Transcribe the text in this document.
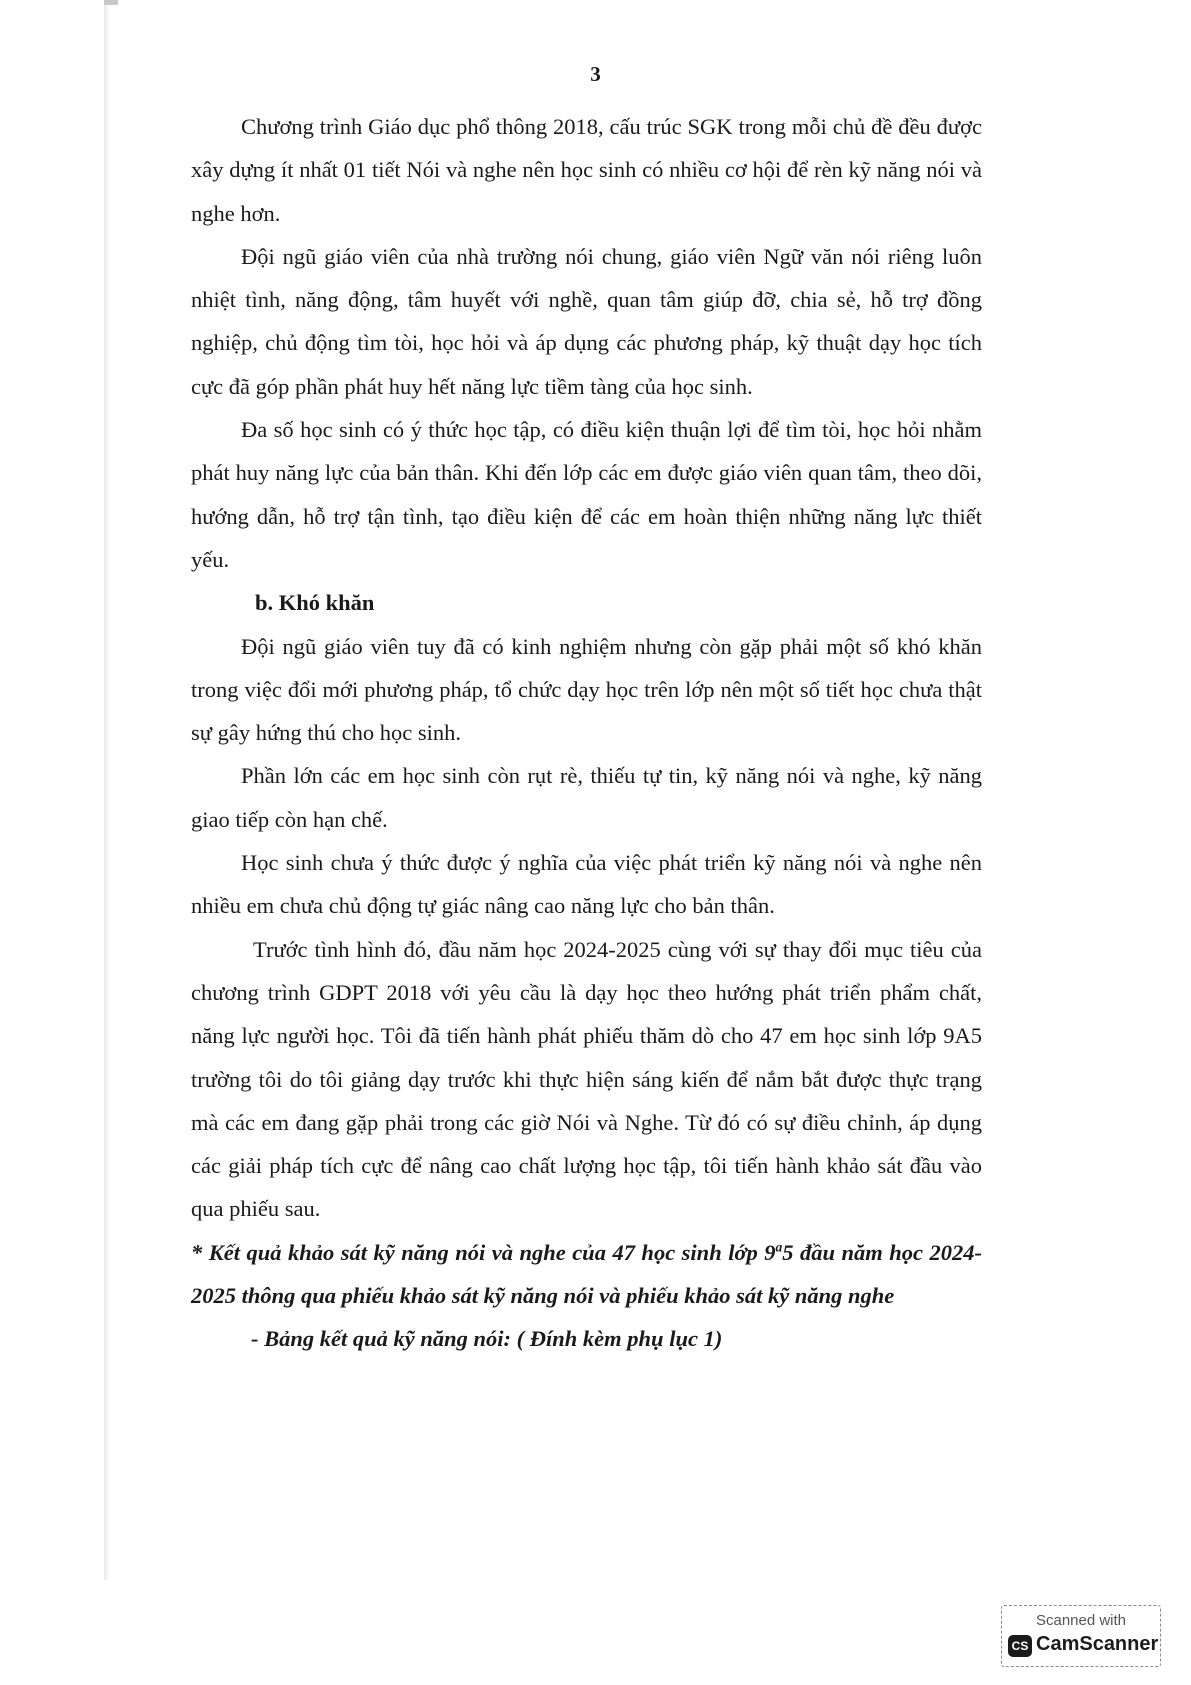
3

Chương trình Giáo dục phổ thông 2018, cấu trúc SGK trong mỗi chủ đề đều được xây dựng ít nhất 01 tiết Nói và nghe nên học sinh có nhiều cơ hội để rèn kỹ năng nói và nghe hơn.

Đội ngũ giáo viên của nhà trường nói chung, giáo viên Ngữ văn nói riêng luôn nhiệt tình, năng động, tâm huyết với nghề, quan tâm giúp đỡ, chia sẻ, hỗ trợ đồng nghiệp, chủ động tìm tòi, học hỏi và áp dụng các phương pháp, kỹ thuật dạy học tích cực đã góp phần phát huy hết năng lực tiềm tàng của học sinh.

Đa số học sinh có ý thức học tập, có điều kiện thuận lợi để tìm tòi, học hỏi nhằm phát huy năng lực của bản thân. Khi đến lớp các em được giáo viên quan tâm, theo dõi, hướng dẫn, hỗ trợ tận tình, tạo điều kiện để các em hoàn thiện những năng lực thiết yếu.

b. Khó khăn

Đội ngũ giáo viên tuy đã có kinh nghiệm nhưng còn gặp phải một số khó khăn trong việc đổi mới phương pháp, tổ chức dạy học trên lớp nên một số tiết học chưa thật sự gây hứng thú cho học sinh.

Phần lớn các em học sinh còn rụt rè, thiếu tự tin, kỹ năng nói và nghe, kỹ năng giao tiếp còn hạn chế.

Học sinh chưa ý thức được ý nghĩa của việc phát triển kỹ năng nói và nghe nên nhiều em chưa chủ động tự giác nâng cao năng lực cho bản thân.

Trước tình hình đó, đầu năm học 2024-2025 cùng với sự thay đổi mục tiêu của chương trình GDPT 2018 với yêu cầu là dạy học theo hướng phát triển phẩm chất, năng lực người học. Tôi đã tiến hành phát phiếu thăm dò cho 47 em học sinh lớp 9A5 trường tôi do tôi giảng dạy trước khi thực hiện sáng kiến để nắm bắt được thực trạng mà các em đang gặp phải trong các giờ Nói và Nghe. Từ đó có sự điều chỉnh, áp dụng các giải pháp tích cực để nâng cao chất lượng học tập, tôi tiến hành khảo sát đầu vào qua phiếu sau.

* Kết quả khảo sát kỹ năng nói và nghe của 47 học sinh lớp 9$^a$5 đầu năm học 2024-2025 thông qua phiếu khảo sát kỹ năng nói và phiếu khảo sát kỹ năng nghe

- Bảng kết quả kỹ năng nói: ( Đính kèm phụ lục 1)

Scanned with
CS CamScanner
